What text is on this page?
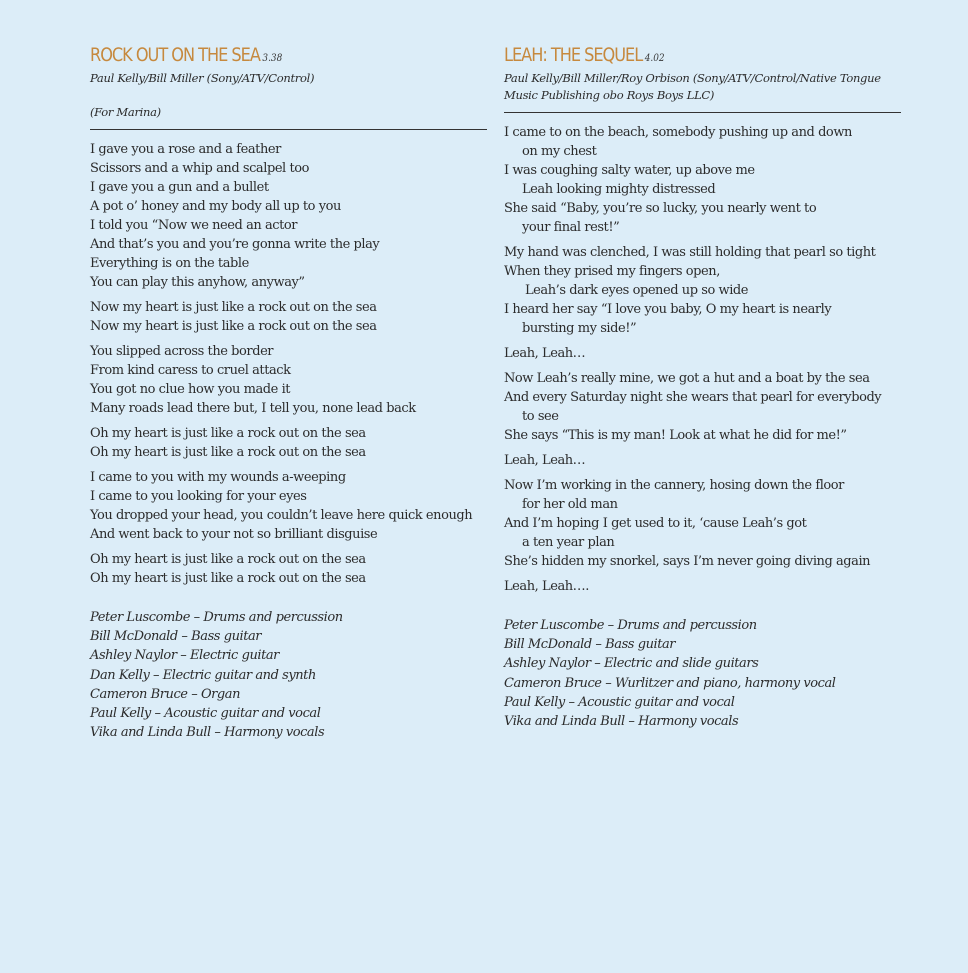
ROCK OUT ON THE SEA 3.38
Paul Kelly/Bill Miller (Sony/ATV/Control)
(For Marina)
I gave you a rose and a feather
Scissors and a whip and scalpel too
I gave you a gun and a bullet
A pot o’ honey and my body all up to you
I told you “Now we need an actor
And that’s you and you’re gonna write the play
Everything is on the table
You can play this anyhow, anyway”
Now my heart is just like a rock out on the sea
Now my heart is just like a rock out on the sea
You slipped across the border
From kind caress to cruel attack
You got no clue how you made it
Many roads lead there but, I tell you, none lead back
Oh my heart is just like a rock out on the sea
Oh my heart is just like a rock out on the sea
I came to you with my wounds a-weeping
I came to you looking for your eyes
You dropped your head, you couldn’t leave here quick enough
And went back to your not so brilliant disguise
Oh my heart is just like a rock out on the sea
Oh my heart is just like a rock out on the sea
Peter Luscombe – Drums and percussion
Bill McDonald – Bass guitar
Ashley Naylor – Electric guitar
Dan Kelly – Electric guitar and synth
Cameron Bruce – Organ
Paul Kelly – Acoustic guitar and vocal
Vika and Linda Bull – Harmony vocals
LEAH: THE SEQUEL 4.02
Paul Kelly/Bill Miller/Roy Orbison (Sony/ATV/Control/Native Tongue
Music Publishing obo Roys Boys LLC)
I came to on the beach, somebody pushing up and down
on my chest
I was coughing salty water, up above me
Leah looking mighty distressed
She said “Baby, you’re so lucky, you nearly went to
your final rest!”
My hand was clenched, I was still holding that pearl so tight
When they prised my fingers open,
Leah’s dark eyes opened up so wide
I heard her say “I love you baby, O my heart is nearly
bursting my side!”
Leah, Leah…
Now Leah’s really mine, we got a hut and a boat by the sea
And every Saturday night she wears that pearl for everybody
to see
She says “This is my man! Look at what he did for me!”
Leah, Leah…
Now I’m working in the cannery, hosing down the floor
for her old man
And I’m hoping I get used to it, ‘cause Leah’s got
a ten year plan
She’s hidden my snorkel, says I’m never going diving again
Leah, Leah….
Peter Luscombe – Drums and percussion
Bill McDonald – Bass guitar
Ashley Naylor – Electric and slide guitars
Cameron Bruce – Wurlitzer and piano, harmony vocal
Paul Kelly – Acoustic guitar and vocal
Vika and Linda Bull – Harmony vocals
